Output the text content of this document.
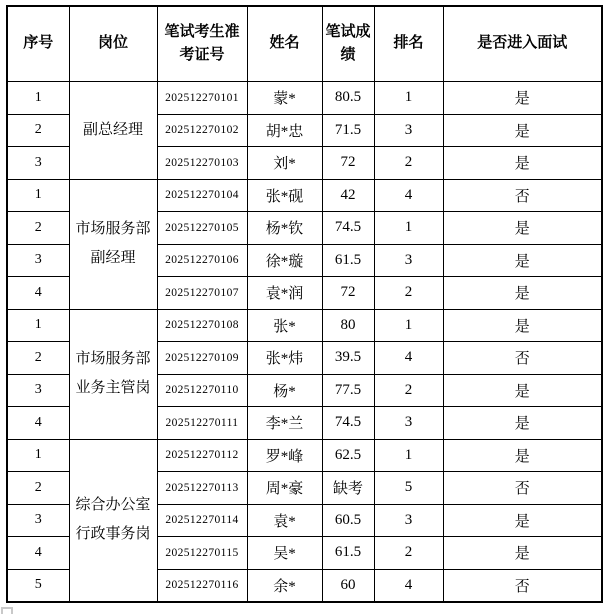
序号	岗位	笔试考生准考证号	姓名	笔试成绩	排名	是否进入面试
1	副总经理	202512270101	蒙*	80.5	1	是
2		202512270102	胡*忠	71.5	3	是
3		202512270103	刘*	72	2	是
1	市场服务部副经理	202512270104	张*砚	42	4	否
2		202512270105	杨*钦	74.5	1	是
3		202512270106	徐*璇	61.5	3	是
4		202512270107	袁*润	72	2	是
1	市场服务部业务主管岗	202512270108	张*	80	1	是
2		202512270109	张*炜	39.5	4	否
3		202512270110	杨*	77.5	2	是
4		202512270111	李*兰	74.5	3	是
1	综合办公室行政事务岗	202512270112	罗*峰	62.5	1	是
2		202512270113	周*豪	缺考	5	否
3		202512270114	袁*	60.5	3	是
4		202512270115	吴*	61.5	2	是
5		202512270116	余*	60	4	否
